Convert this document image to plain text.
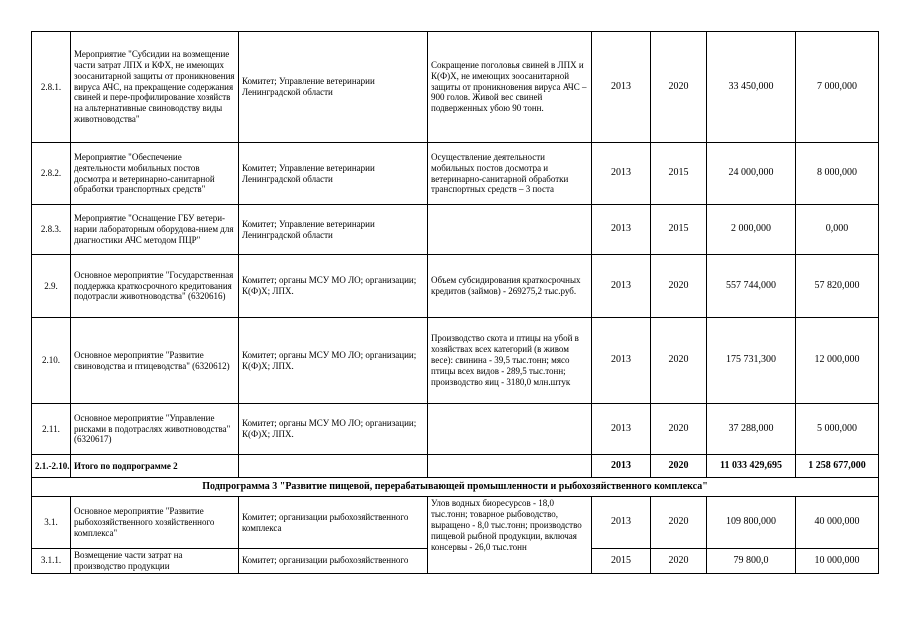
2.8.1.	Мероприятие "Субсидии на возмещение части затрат ЛПХ и КФХ, не имеющих зоосанитарной защиты от проникновения вируса АЧС, на прекращение содержания свиней и пере-профилирование хозяйств на альтернативные свиноводству виды животноводства"	Комитет; Управление ветеринарии Ленинградской области	Сокращение поголовья свиней в ЛПХ и К(Ф)Х, не имеющих зоосанитарной защиты от проникновения вируса АЧС – 900 голов. Живой вес свиней подверженных убою 90 тонн.	2013	2020	33 450,000	7 000,000
2.8.2.	Мероприятие "Обеспечение деятельности мобильных постов досмотра и ветеринарно-санитарной обработки транспортных средств"	Комитет; Управление ветеринарии Ленинградской области	Осуществление деятельности мобильных постов досмотра и ветеринарно-санитарной обработки транспортных средств – 3 поста	2013	2015	24 000,000	8 000,000
2.8.3.	Мероприятие "Оснащение ГБУ ветери-нарии лабораторным оборудова-нием для диагностики АЧС методом ПЦР"	Комитет; Управление ветеринарии Ленинградской области		2013	2015	2 000,000	0,000
2.9.	Основное мероприятие "Государственная поддержка краткосрочного кредитования подотрасли животноводства" (6320616)	Комитет; органы МСУ МО ЛО; организации; К(Ф)Х; ЛПХ.	Объем субсидирования краткосрочных кредитов (займов) - 269275,2 тыс.руб.	2013	2020	557 744,000	57 820,000
2.10.	Основное мероприятие "Развитие свиноводства и птицеводства" (6320612)	Комитет; органы МСУ МО ЛО; организации; К(Ф)Х; ЛПХ.	Производство скота и птицы на убой в хозяйствах всех категорий (в живом весе): свинина - 39,5 тыс.тонн; мясо птицы всех видов - 289,5 тыс.тонн; производство яиц - 3180,0 млн.штук	2013	2020	175 731,300	12 000,000
2.11.	Основное мероприятие "Управление рисками в подотраслях животноводства" (6320617)	Комитет; органы МСУ МО ЛО; организации; К(Ф)Х; ЛПХ.		2013	2020	37 288,000	5 000,000
2.1.-2.10.	Итого по подпрограмме 2			2013	2020	11 033 429,695	1 258 677,000
Подпрограмма 3 "Развитие пищевой, перерабатывающей промышленности и рыбохозяйственного комплекса"							
3.1.	Основное мероприятие "Развитие рыбохозяйственного хозяйственного комплекса"	Комитет; организации рыбохозяйственного комплекса	Улов водных биоресурсов - 18,0 тыс.тонн; товарное рыбоводство, выращено - 8,0 тыс.тонн; производство пищевой рыбной продукции, включая консервы - 26,0 тыс.тонн	2013	2020	109 800,000	40 000,000
3.1.1.	Возмещение части затрат на производство продукции	Комитет; организации рыбохозяйственного		2015	2020	79 800,0	10 000,000
